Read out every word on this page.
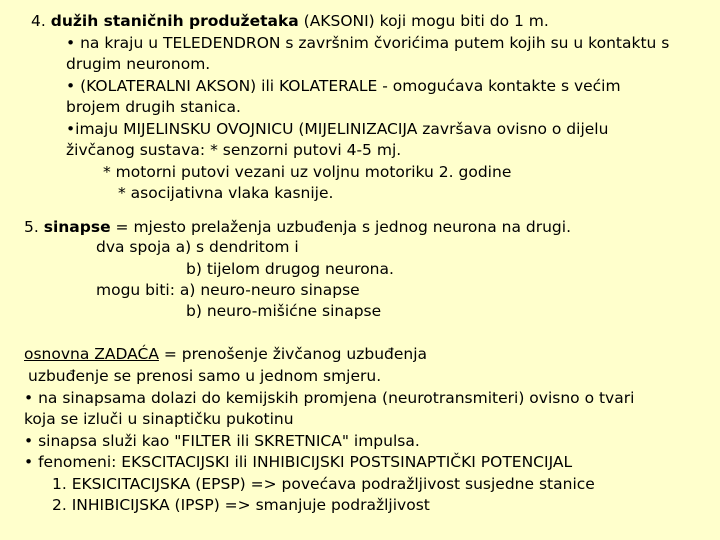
4. dužih staničnih produžetaka (AKSONI) koji mogu biti do 1 m.
• na kraju u TELEDENDRON s završnim čvorićima putem kojih su u kontaktu s
drugim neuronom.
• (KOLATERALNI AKSON) ili KOLATERALE - omogućava kontakte s većim
brojem drugih stanica.
•imaju MIJELINSKU OVOJNICU (MIJELINIZACIJA završava ovisno o dijelu
živčanog sustava: * senzorni putovi 4-5 mj.
* motorni putovi vezani uz voljnu motoriku 2. godine
* asocijativna vlaka kasnije.
5. sinapse = mjesto prelaženja uzbuđenja s jednog neurona na drugi.
dva spoja a) s dendritom i
b) tijelom drugog neurona.
mogu biti: a) neuro-neuro sinapse
b) neuro-mišićne sinapse
osnovna ZADAĆA = prenošenje živčanog uzbuđenja
uzbuđenje se prenosi samo u jednom smjeru.
• na sinapsama dolazi do kemijskih promjena (neurotransmiteri) ovisno o tvari
koja se izluči u sinaptičku pukotinu
• sinapsa služi kao "FILTER ili SKRETNICA" impulsa.
• fenomeni: EKSCITACIJSKI ili INHIBICIJSKI POSTSINAPTIČKI POTENCIJAL
1. EKSICITACIJSKA (EPSP) => povećava podražljivost susjedne stanice
2. INHIBICIJSKA (IPSP) => smanjuje podražljivost
